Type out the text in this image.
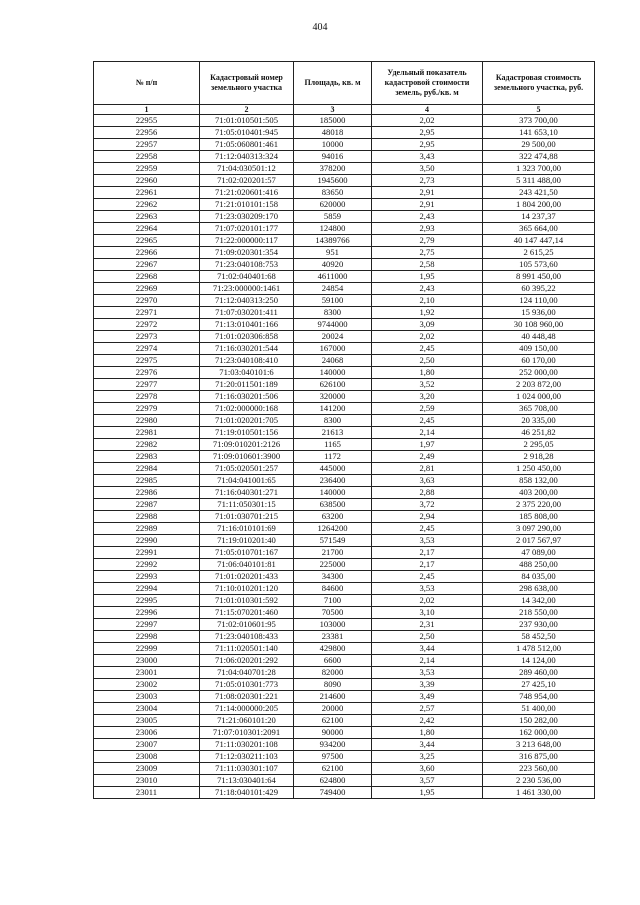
404
№ п/п	Кадастровый номер земельного участка	Площадь, кв. м	Удельный показатель кадастровой стоимости земель, руб./кв. м	Кадастровая стоимость земельного участка, руб.
1	2	3	4	5
22955	71:01:010501:505	185000	2,02	373 700,00
22956	71:05:010401:945	48018	2,95	141 653,10
22957	71:05:060801:461	10000	2,95	29 500,00
22958	71:12:040313:324	94016	3,43	322 474,88
22959	71:04:030501:12	378200	3,50	1 323 700,00
22960	71:02:020201:57	1945600	2,73	5 311 488,00
22961	71:21:020601:416	83650	2,91	243 421,50
22962	71:21:010101:158	620000	2,91	1 804 200,00
22963	71:23:030209:170	5859	2,43	14 237,37
22964	71:07:020101:177	124800	2,93	365 664,00
22965	71:22:000000:117	14389766	2,79	40 147 447,14
22966	71:09:020301:354	951	2,75	2 615,25
22967	71:23:040108:753	40920	2,58	105 573,60
22968	71:02:040401:68	4611000	1,95	8 991 450,00
22969	71:23:000000:1461	24854	2,43	60 395,22
22970	71:12:040313:250	59100	2,10	124 110,00
22971	71:07:030201:411	8300	1,92	15 936,00
22972	71:13:010401:166	9744000	3,09	30 108 960,00
22973	71:01:020306:858	20024	2,02	40 448,48
22974	71:16:030201:544	167000	2,45	409 150,00
22975	71:23:040108:410	24068	2,50	60 170,00
22976	71:03:040101:6	140000	1,80	252 000,00
22977	71:20:011501:189	626100	3,52	2 203 872,00
22978	71:16:030201:506	320000	3,20	1 024 000,00
22979	71:02:000000:168	141200	2,59	365 708,00
22980	71:01:020201:705	8300	2,45	20 335,00
22981	71:19:010501:156	21613	2,14	46 251,82
22982	71:09:010201:2126	1165	1,97	2 295,05
22983	71:09:010601:3900	1172	2,49	2 918,28
22984	71:05:020501:257	445000	2,81	1 250 450,00
22985	71:04:041001:65	236400	3,63	858 132,00
22986	71:16:040301:271	140000	2,88	403 200,00
22987	71:11:050301:15	638500	3,72	2 375 220,00
22988	71:01:030701:215	63200	2,94	185 808,00
22989	71:16:010101:69	1264200	2,45	3 097 290,00
22990	71:19:010201:40	571549	3,53	2 017 567,97
22991	71:05:010701:167	21700	2,17	47 089,00
22992	71:06:040101:81	225000	2,17	488 250,00
22993	71:01:020201:433	34300	2,45	84 035,00
22994	71:10:010201:120	84600	3,53	298 638,00
22995	71:01:010301:592	7100	2,02	14 342,00
22996	71:15:070201:460	70500	3,10	218 550,00
22997	71:02:010601:95	103000	2,31	237 930,00
22998	71:23:040108:433	23381	2,50	58 452,50
22999	71:11:020501:140	429800	3,44	1 478 512,00
23000	71:06:020201:292	6600	2,14	14 124,00
23001	71:04:040701:28	82000	3,53	289 460,00
23002	71:05:010301:773	8090	3,39	27 425,10
23003	71:08:020301:221	214600	3,49	748 954,00
23004	71:14:000000:205	20000	2,57	51 400,00
23005	71:21:060101:20	62100	2,42	150 282,00
23006	71:07:010301:2091	90000	1,80	162 000,00
23007	71:11:030201:108	934200	3,44	3 213 648,00
23008	71:12:030211:103	97500	3,25	316 875,00
23009	71:11:030301:107	62100	3,60	223 560,00
23010	71:13:030401:64	624800	3,57	2 230 536,00
23011	71:18:040101:429	749400	1,95	1 461 330,00
